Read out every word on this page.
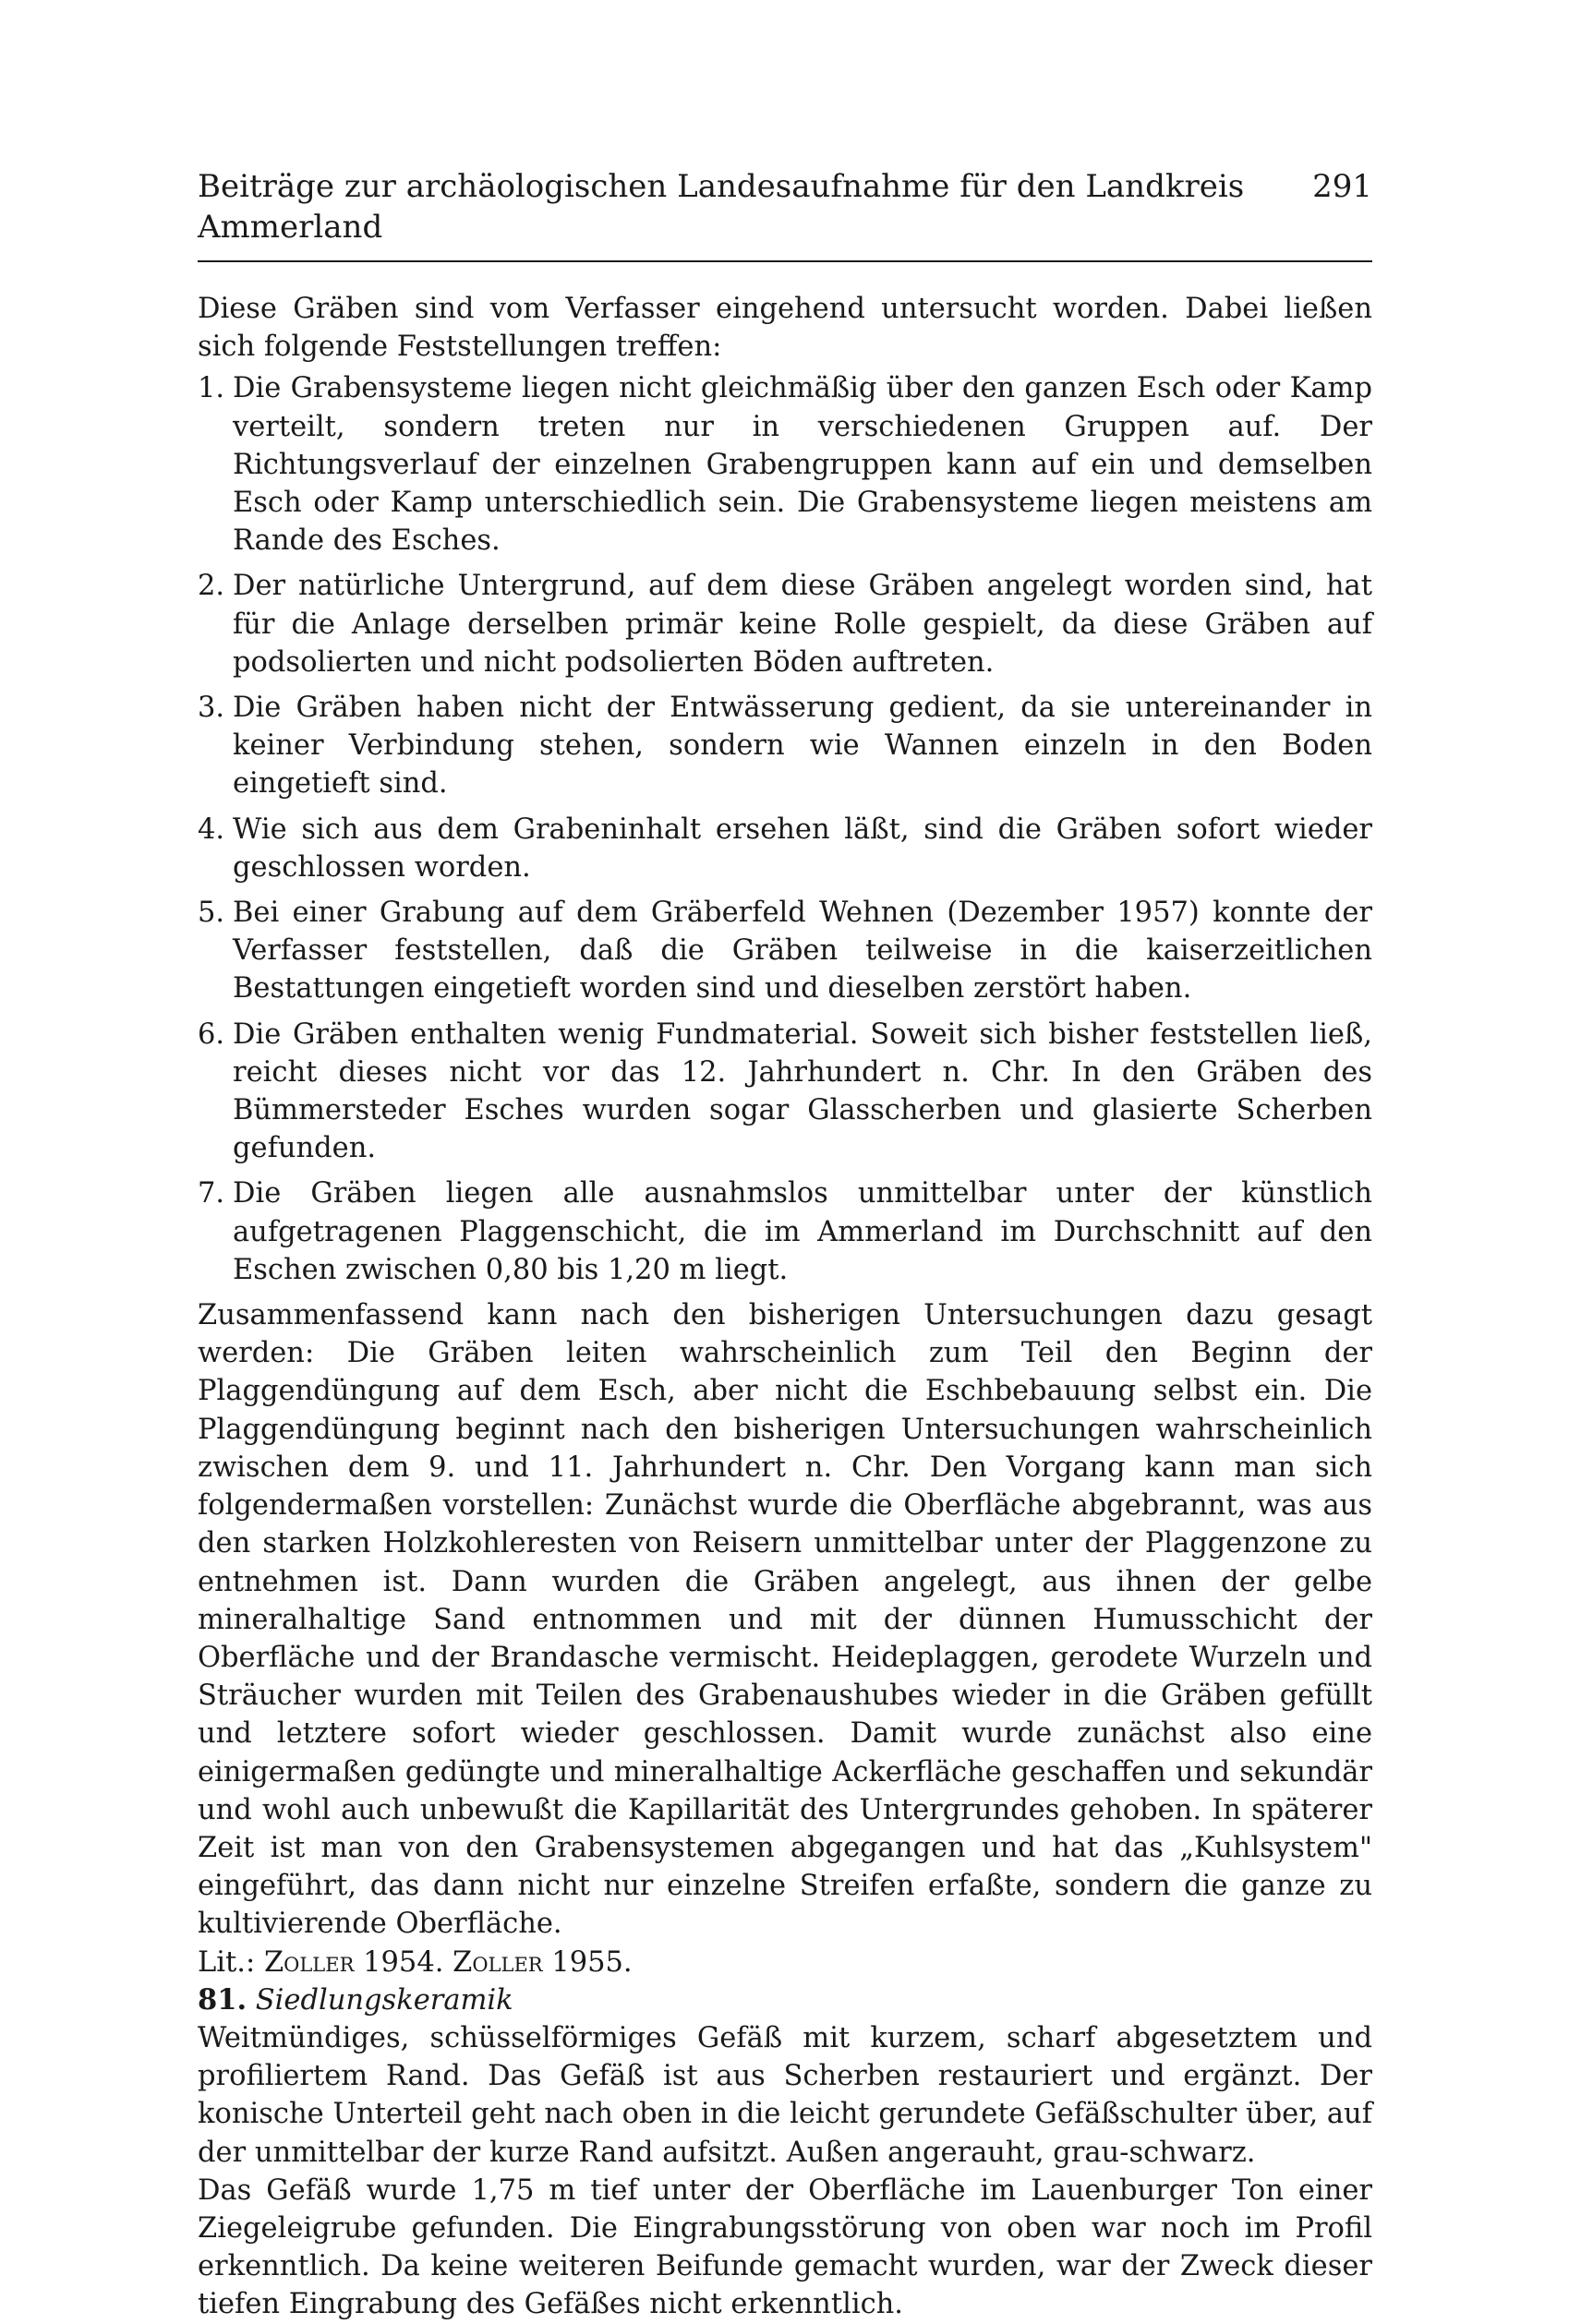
Beiträge zur archäologischen Landesaufnahme für den Landkreis Ammerland
291

Diese Gräben sind vom Verfasser eingehend untersucht worden. Dabei ließen sich folgende Feststellungen treffen:

1. Die Grabensysteme liegen nicht gleichmäßig über den ganzen Esch oder Kamp verteilt, sondern treten nur in verschiedenen Gruppen auf. Der Richtungsverlauf der einzelnen Grabengruppen kann auf ein und demselben Esch oder Kamp unterschiedlich sein. Die Grabensysteme liegen meistens am Rande des Esches.
2. Der natürliche Untergrund, auf dem diese Gräben angelegt worden sind, hat für die Anlage derselben primär keine Rolle gespielt, da diese Gräben auf podsolierten und nicht podsolierten Böden auftreten.
3. Die Gräben haben nicht der Entwässerung gedient, da sie untereinander in keiner Verbindung stehen, sondern wie Wannen einzeln in den Boden eingetieft sind.
4. Wie sich aus dem Grabeninhalt ersehen läßt, sind die Gräben sofort wieder geschlossen worden.
5. Bei einer Grabung auf dem Gräberfeld Wehnen (Dezember 1957) konnte der Verfasser feststellen, daß die Gräben teilweise in die kaiserzeitlichen Bestattungen eingetieft worden sind und dieselben zerstört haben.
6. Die Gräben enthalten wenig Fundmaterial. Soweit sich bisher feststellen ließ, reicht dieses nicht vor das 12. Jahrhundert n. Chr. In den Gräben des Bümmersteder Esches wurden sogar Glasscherben und glasierte Scherben gefunden.
7. Die Gräben liegen alle ausnahmslos unmittelbar unter der künstlich aufgetragenen Plaggenschicht, die im Ammerland im Durchschnitt auf den Eschen zwischen 0,80 bis 1,20 m liegt.

Zusammenfassend kann nach den bisherigen Untersuchungen dazu gesagt werden: Die Gräben leiten wahrscheinlich zum Teil den Beginn der Plaggendüngung auf dem Esch, aber nicht die Eschbebauung selbst ein. Die Plaggendüngung beginnt nach den bisherigen Untersuchungen wahrscheinlich zwischen dem 9. und 11. Jahrhundert n. Chr. Den Vorgang kann man sich folgendermaßen vorstellen: Zunächst wurde die Oberfläche abgebrannt, was aus den starken Holzkohleresten von Reisern unmittelbar unter der Plaggenzone zu entnehmen ist. Dann wurden die Gräben angelegt, aus ihnen der gelbe mineralhaltige Sand entnommen und mit der dünnen Humusschicht der Oberfläche und der Brandasche vermischt. Heideplaggen, gerodete Wurzeln und Sträucher wurden mit Teilen des Grabenaushubes wieder in die Gräben gefüllt und letztere sofort wieder geschlossen. Damit wurde zunächst also eine einigermaßen gedüngte und mineralhaltige Ackerfläche geschaffen und sekundär und wohl auch unbewußt die Kapillarität des Untergrundes gehoben. In späterer Zeit ist man von den Grabensystemen abgegangen und hat das „Kuhlsystem" eingeführt, das dann nicht nur einzelne Streifen erfaßte, sondern die ganze zu kultivierende Oberfläche.

Lit.: Zoller 1954. Zoller 1955.

81. Siedlungskeramik

Weitmündiges, schüsselförmiges Gefäß mit kurzem, scharf abgesetztem und profiliertem Rand. Das Gefäß ist aus Scherben restauriert und ergänzt. Der konische Unterteil geht nach oben in die leicht gerundete Gefäßschulter über, auf der unmittelbar der kurze Rand aufsitzt. Außen angerauht, grau-schwarz.

Das Gefäß wurde 1,75 m tief unter der Oberfläche im Lauenburger Ton einer Ziegeleigrube gefunden. Die Eingrabungsstörung von oben war noch im Profil erkenntlich. Da keine weiteren Beifunde gemacht wurden, war der Zweck dieser tiefen Eingrabung des Gefäßes nicht erkenntlich.
